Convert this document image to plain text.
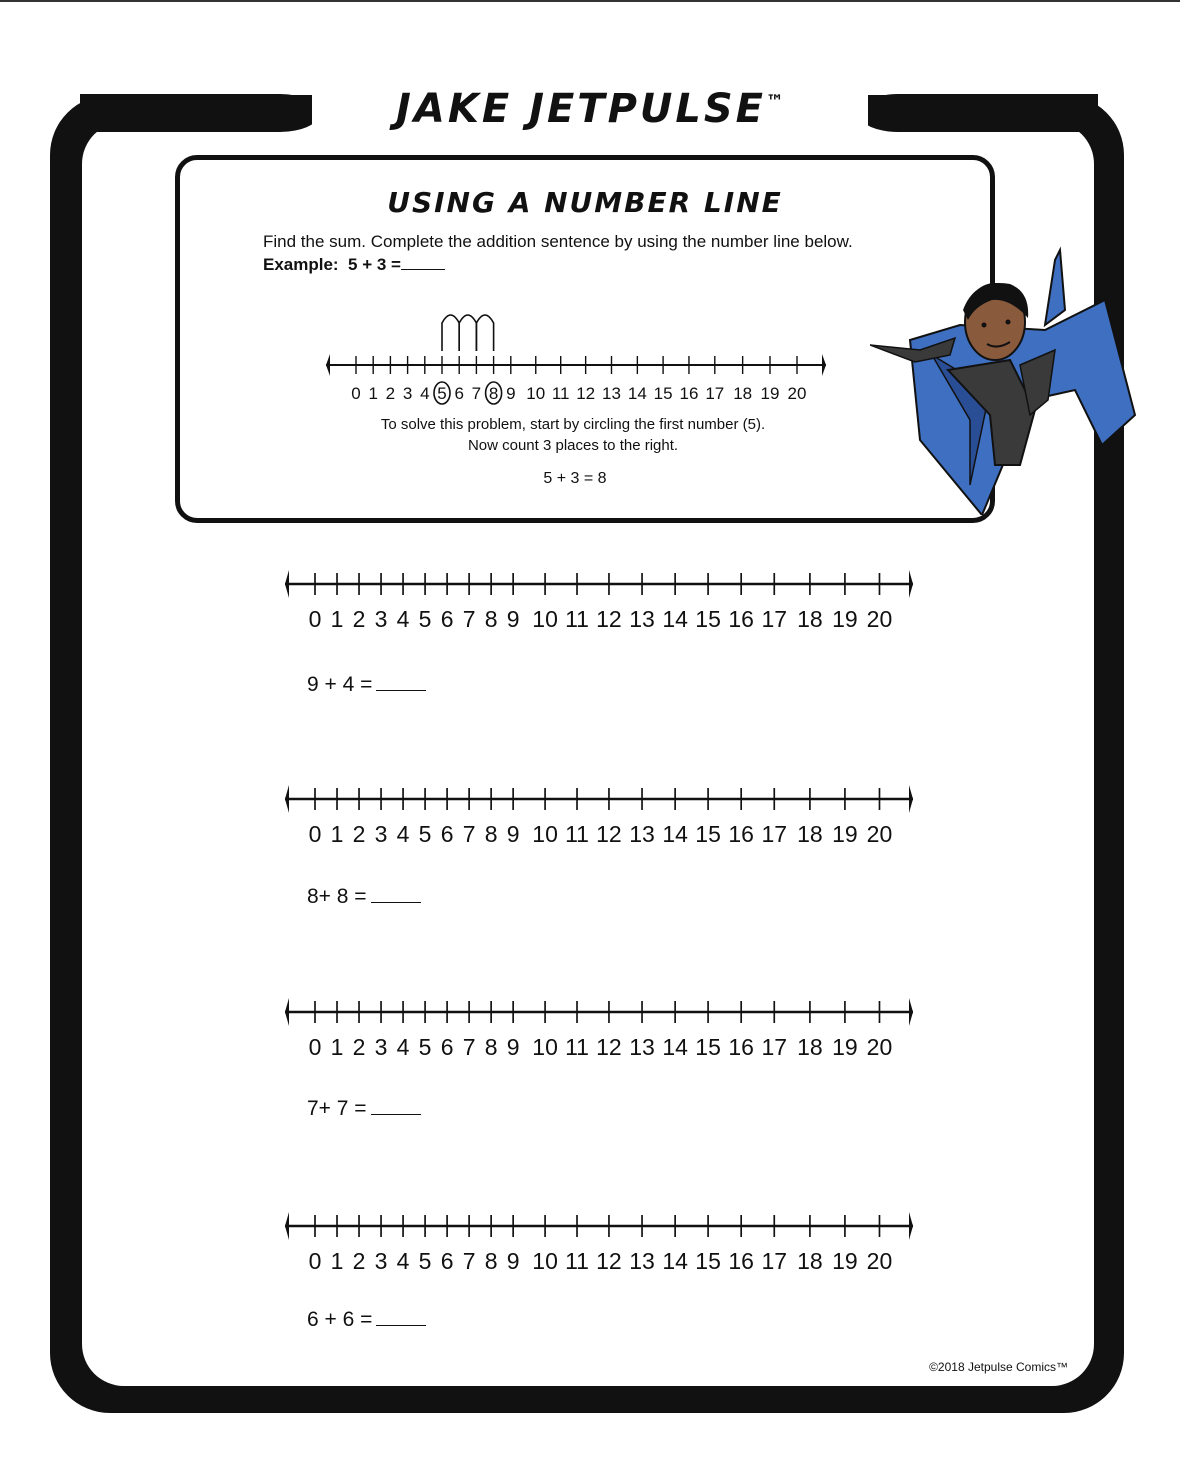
JAKE JETPULSE™
USING A NUMBER LINE

Find the sum. Complete the addition sentence by using the number line below.

Example: 5 + 3 =

0 1 2 3 4 5 6 7 8 9 10 11 12 13 14 15 16 17 18 19 20

To solve this problem, start by circling the first number (5).

Now count 3 places to the right.

5 + 3 = 8

0 1 2 3 4 5 6 7 8 9 10 11 12 13 14 15 16 17 18 19 20

9 + 4 =

0 1 2 3 4 5 6 7 8 9 10 11 12 13 14 15 16 17 18 19 20

8+ 8 =

0 1 2 3 4 5 6 7 8 9 10 11 12 13 14 15 16 17 18 19 20

7+ 7 =

0 1 2 3 4 5 6 7 8 9 10 11 12 13 14 15 16 17 18 19 20

6 + 6 =

©2018 Jetpulse Comics™
